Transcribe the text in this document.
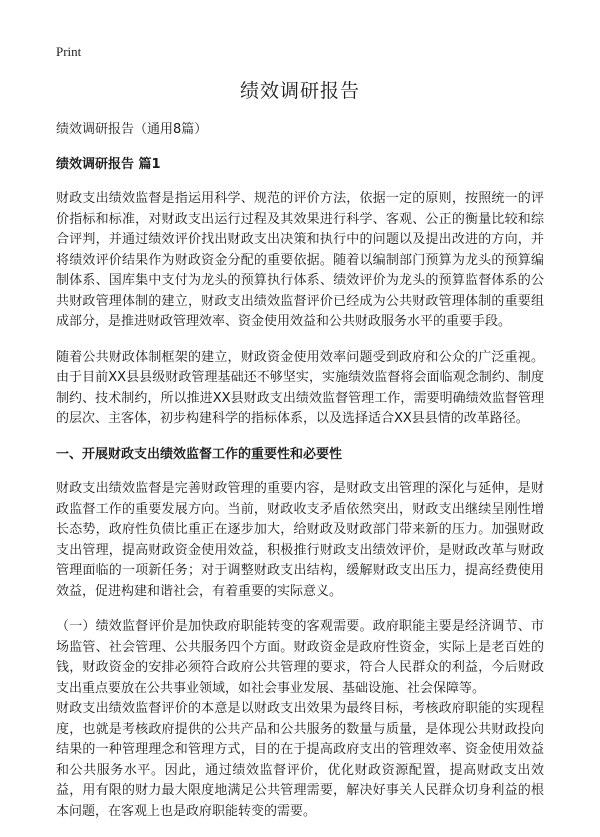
Print
绩效调研报告

绩效调研报告（通用8篇）

绩效调研报告 篇1

财政支出绩效监督是指运用科学、规范的评价方法，依据一定的原则，按照统一的评价指标和标准，对财政支出运行过程及其效果进行科学、客观、公正的衡量比较和综合评判，并通过绩效评价找出财政支出决策和执行中的问题以及提出改进的方向，并将绩效评价结果作为财政资金分配的重要依据。随着以编制部门预算为龙头的预算编制体系、国库集中支付为龙头的预算执行体系、绩效评价为龙头的预算监督体系的公共财政管理体制的建立，财政支出绩效监督评价已经成为公共财政管理体制的重要组成部分，是推进财政管理效率、资金使用效益和公共财政服务水平的重要手段。

随着公共财政体制框架的建立，财政资金使用效率问题受到政府和公众的广泛重视。由于目前XX县县级财政管理基础还不够坚实，实施绩效监督将会面临观念制约、制度制约、技术制约，所以推进XX县财政支出绩效监督管理工作，需要明确绩效监督管理的层次、主客体，初步构建科学的指标体系，以及选择适合XX县县情的改革路径。

一、开展财政支出绩效监督工作的重要性和必要性

财政支出绩效监督是完善财政管理的重要内容，是财政支出管理的深化与延伸，是财政监督工作的重要发展方向。当前，财政收支矛盾依然突出，财政支出继续呈刚性增长态势，政府性负债比重正在逐步加大，给财政及财政部门带来新的压力。加强财政支出管理，提高财政资金使用效益，积极推行财政支出绩效评价，是财政改革与财政管理面临的一项新任务；对于调整财政支出结构，缓解财政支出压力，提高经费使用效益，促进构建和谐社会，有着重要的实际意义。

（一）绩效监督评价是加快政府职能转变的客观需要。政府职能主要是经济调节、市场监管、社会管理、公共服务四个方面。财政资金是政府性资金，实际上是老百姓的钱，财政资金的安排必须符合政府公共管理的要求，符合人民群众的利益，今后财政支出重点要放在公共事业领域，如社会事业发展、基础设施、社会保障等。

财政支出绩效监督评价的本意是以财政支出效果为最终目标，考核政府职能的实现程度，也就是考核政府提供的公共产品和公共服务的数量与质量，是体现公共财政投向结果的一种管理理念和管理方式，目的在于提高政府支出的管理效率、资金使用效益和公共服务水平。因此，通过绩效监督评价，优化财政资源配置，提高财政支出效益，用有限的财力最大限度地满足公共管理需要，解决好事关人民群众切身利益的根本问题，在客观上也是政府职能转变的需要。
